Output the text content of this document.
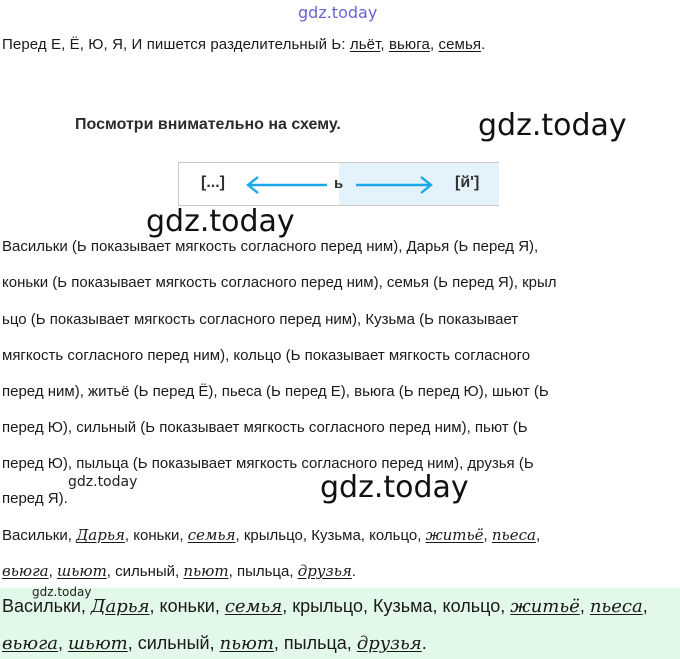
gdz.today
Перед Е, Ё, Ю, Я, И пишется разделительный Ь: льёт, вьюга, семья.
Посмотри внимательно на схему.	gdz.today
[...]	ь	[й']
gdz.today
Васильки (Ь показывает мягкость согласного перед ним), Дарья (Ь перед Я),
коньки (Ь показывает мягкость согласного перед ним), семья (Ь перед Я), крыл
ьцо (Ь показывает мягкость согласного перед ним), Кузьма (Ь показывает
мягкость согласного перед ним), кольцо (Ь показывает мягкость согласного
перед ним), житьё (Ь перед Ё), пьеса (Ь перед Е), вьюга (Ь перед Ю), шьют (Ь
перед Ю), сильный (Ь показывает мягкость согласного перед ним), пьют (Ь
перед Ю), пыльца (Ь показывает мягкость согласного перед ним), друзья (Ь
перед Я).
gdz.today	gdz.today
Васильки, Дарья, коньки, семья, крыльцо, Кузьма, кольцо, житьё, пьеса,
вьюга, шьют, сильный, пьют, пыльца, друзья.
gdz.today
Васильки, Дарья, коньки, семья, крыльцо, Кузьма, кольцо, житьё, пьеса,
вьюга, шьют, сильный, пьют, пыльца, друзья.
